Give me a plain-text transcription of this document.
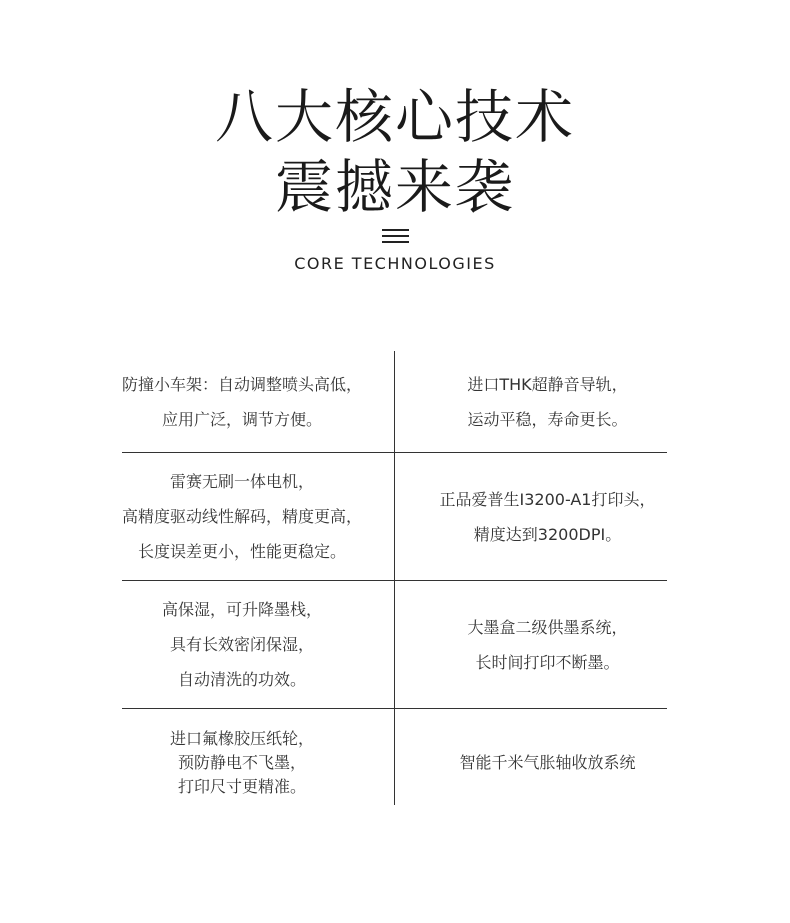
八大核心技术
震撼来袭
CORE TECHNOLOGIES
防撞小车架：自动调整喷头高低，
应用广泛，调节方便。
进口THK超静音导轨，
运动平稳，寿命更长。
雷赛无刷一体电机，
高精度驱动线性解码，精度更高，
长度误差更小，性能更稳定。
正品爱普生I3200-A1打印头，
精度达到3200DPI。
高保湿，可升降墨栈，
具有长效密闭保湿，
自动清洗的功效。
大墨盒二级供墨系统，
长时间打印不断墨。
进口氟橡胶压纸轮，
预防静电不飞墨，
打印尺寸更精准。
智能千米气胀轴收放系统
